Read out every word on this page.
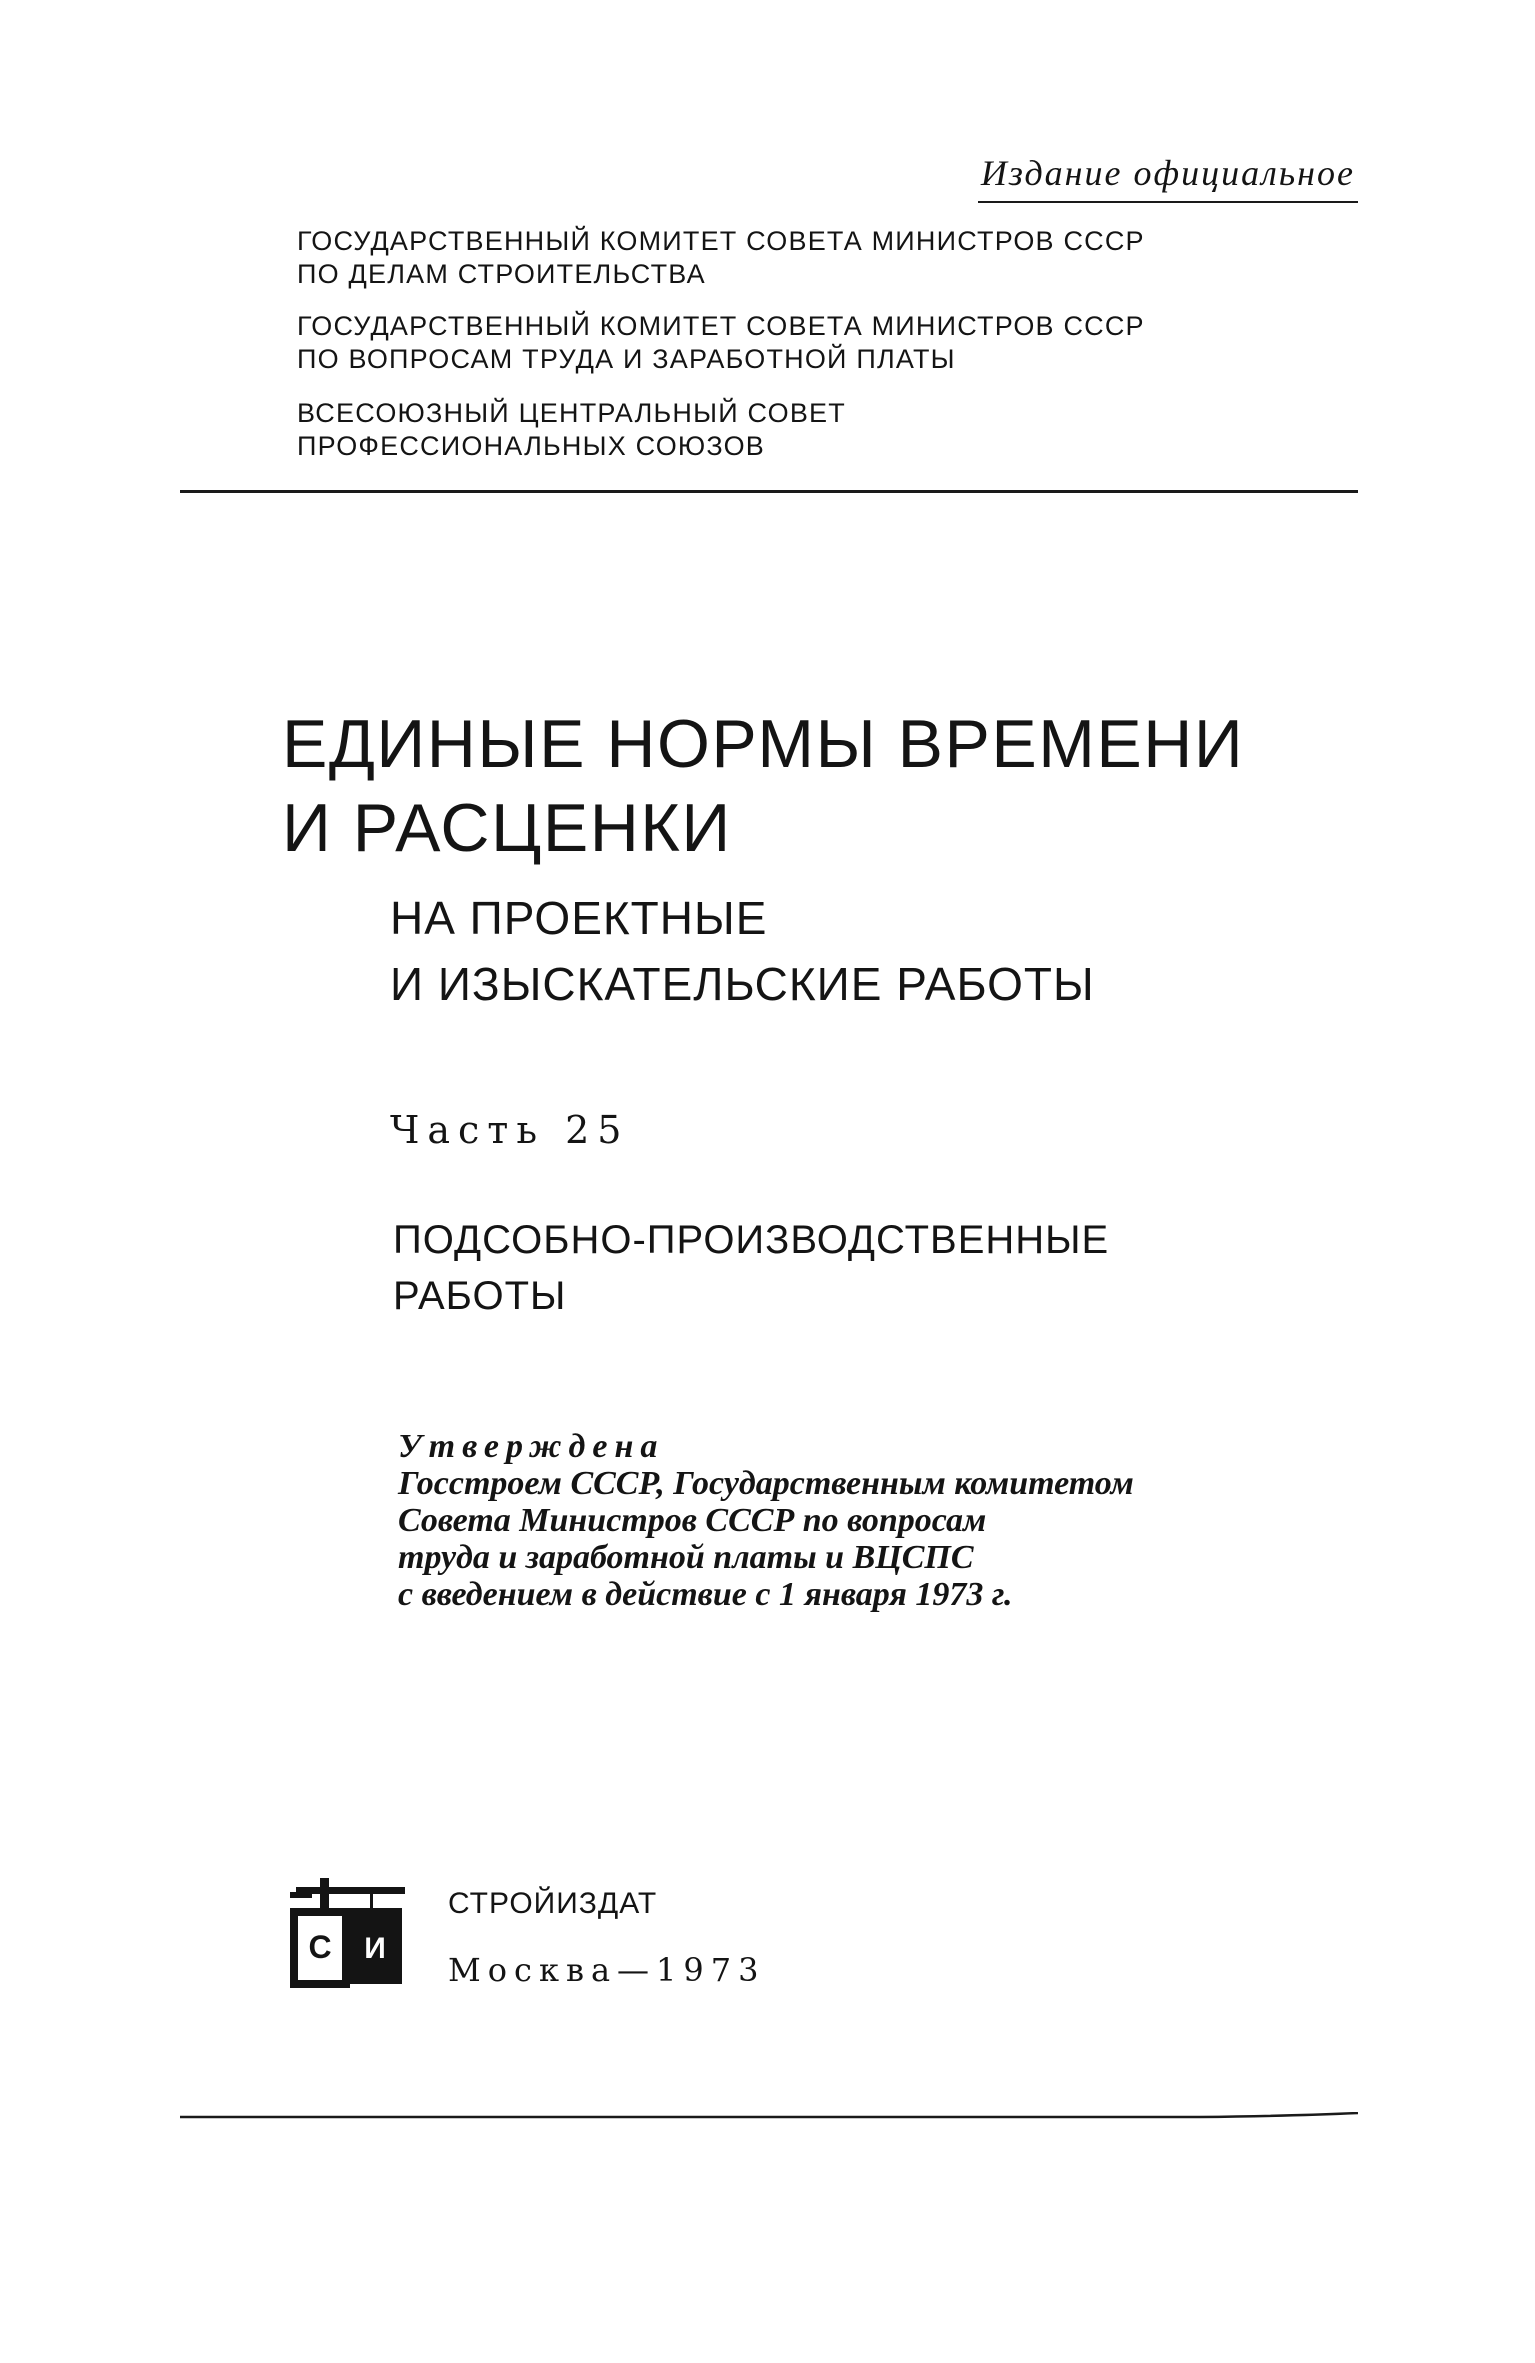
Издание официальное
ГОСУДАРСТВЕННЫЙ КОМИТЕТ СОВЕТА МИНИСТРОВ СССР
ПО ДЕЛАМ СТРОИТЕЛЬСТВА
ГОСУДАРСТВЕННЫЙ КОМИТЕТ СОВЕТА МИНИСТРОВ СССР
ПО ВОПРОСАМ ТРУДА И ЗАРАБОТНОЙ ПЛАТЫ
ВСЕСОЮЗНЫЙ ЦЕНТРАЛЬНЫЙ СОВЕТ
ПРОФЕССИОНАЛЬНЫХ СОЮЗОВ
ЕДИНЫЕ НОРМЫ ВРЕМЕНИ
И РАСЦЕНКИ
НА ПРОЕКТНЫЕ
И ИЗЫСКАТЕЛЬСКИЕ РАБОТЫ
Часть 25
ПОДСОБНО-ПРОИЗВОДСТВЕННЫЕ
РАБОТЫ
Утверждена
Госстроем СССР, Государственным комитетом
Совета Министров СССР по вопросам
труда и заработной платы и ВЦСПС
с введением в действие с 1 января 1973 г.
С И
СТРОЙИЗДАТ
Москва—1973
